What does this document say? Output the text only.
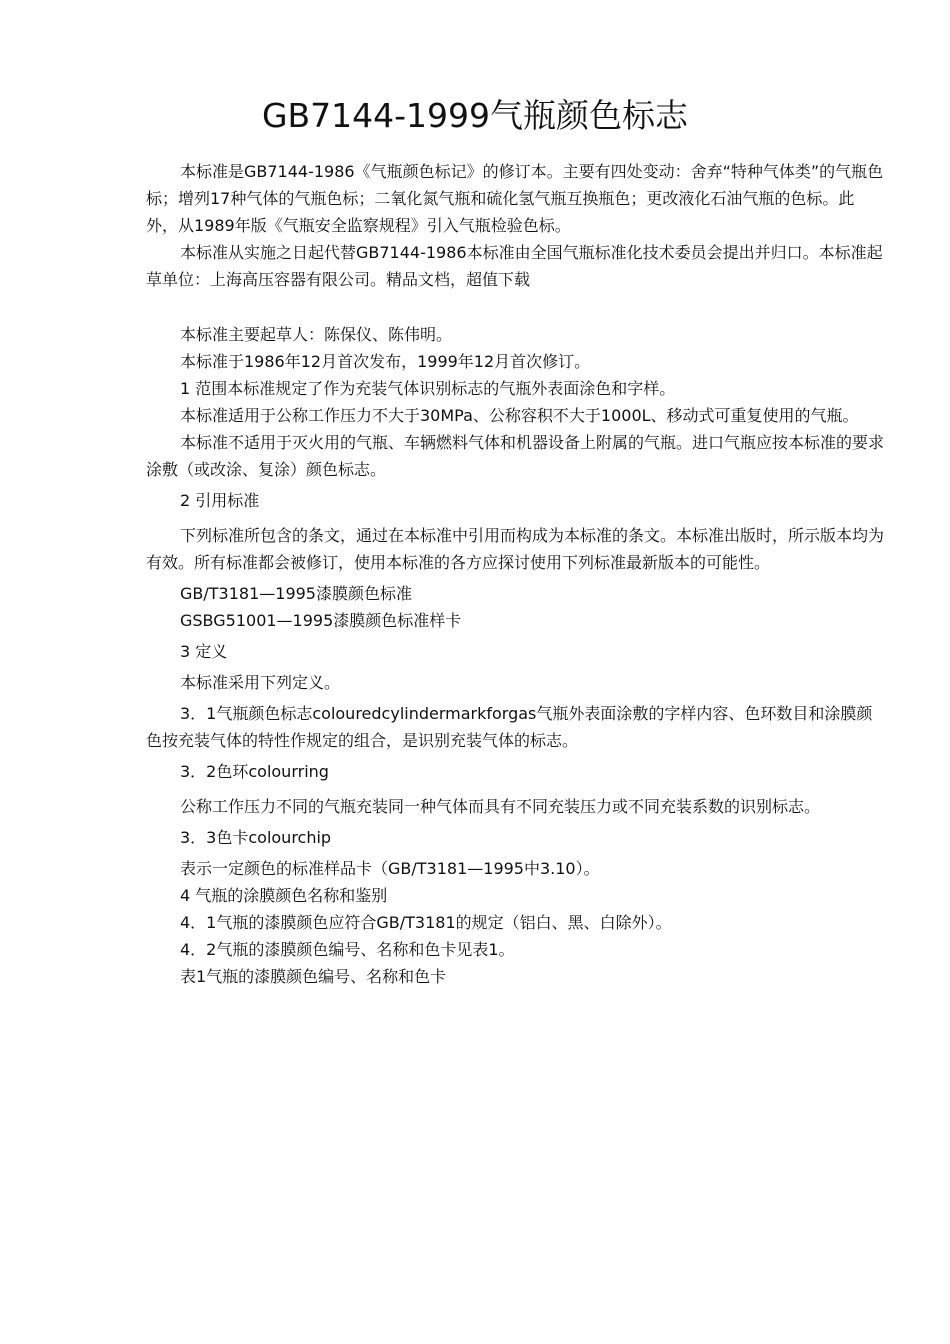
GB7144-1999气瓶颜色标志

本标准是GB7144-1986《气瓶颜色标记》的修订本。主要有四处变动：舍弃“特种气体类”的气瓶色标；增列17种气体的气瓶色标；二氧化氮气瓶和硫化氢气瓶互换瓶色；更改液化石油气瓶的色标。此外，从1989年版《气瓶安全监察规程》引入气瓶检验色标。

本标准从实施之日起代替GB7144-1986本标准由全国气瓶标准化技术委员会提出并归口。本标准起草单位：上海高压容器有限公司。精品文档，超值下载

本标准主要起草人：陈保仪、陈伟明。

本标准于1986年12月首次发布，1999年12月首次修订。

1 范围本标准规定了作为充装气体识别标志的气瓶外表面涂色和字样。

本标准适用于公称工作压力不大于30MPa、公称容积不大于1000L、移动式可重复使用的气瓶。

本标准不适用于灭火用的气瓶、车辆燃料气体和机器设备上附属的气瓶。进口气瓶应按本标准的要求涂敷（或改涂、复涂）颜色标志。

2 引用标准

下列标准所包含的条文，通过在本标准中引用而构成为本标准的条文。本标准出版时，所示版本均为有效。所有标准都会被修订，使用本标准的各方应探讨使用下列标准最新版本的可能性。

GB/T3181—1995漆膜颜色标准

GSBG51001—1995漆膜颜色标准样卡

3 定义

本标准采用下列定义。

3．1气瓶颜色标志colouredcylindermarkforgas气瓶外表面涂敷的字样内容、色环数目和涂膜颜色按充装气体的特性作规定的组合，是识别充装气体的标志。

3．2色环colourring

公称工作压力不同的气瓶充装同一种气体而具有不同充装压力或不同充装系数的识别标志。

3．3色卡colourchip

表示一定颜色的标准样品卡（GB/T3181—1995中3.10）。

4 气瓶的涂膜颜色名称和鉴别

4．1气瓶的漆膜颜色应符合GB/T3181的规定（铝白、黑、白除外）。

4．2气瓶的漆膜颜色编号、名称和色卡见表1。

表1气瓶的漆膜颜色编号、名称和色卡
